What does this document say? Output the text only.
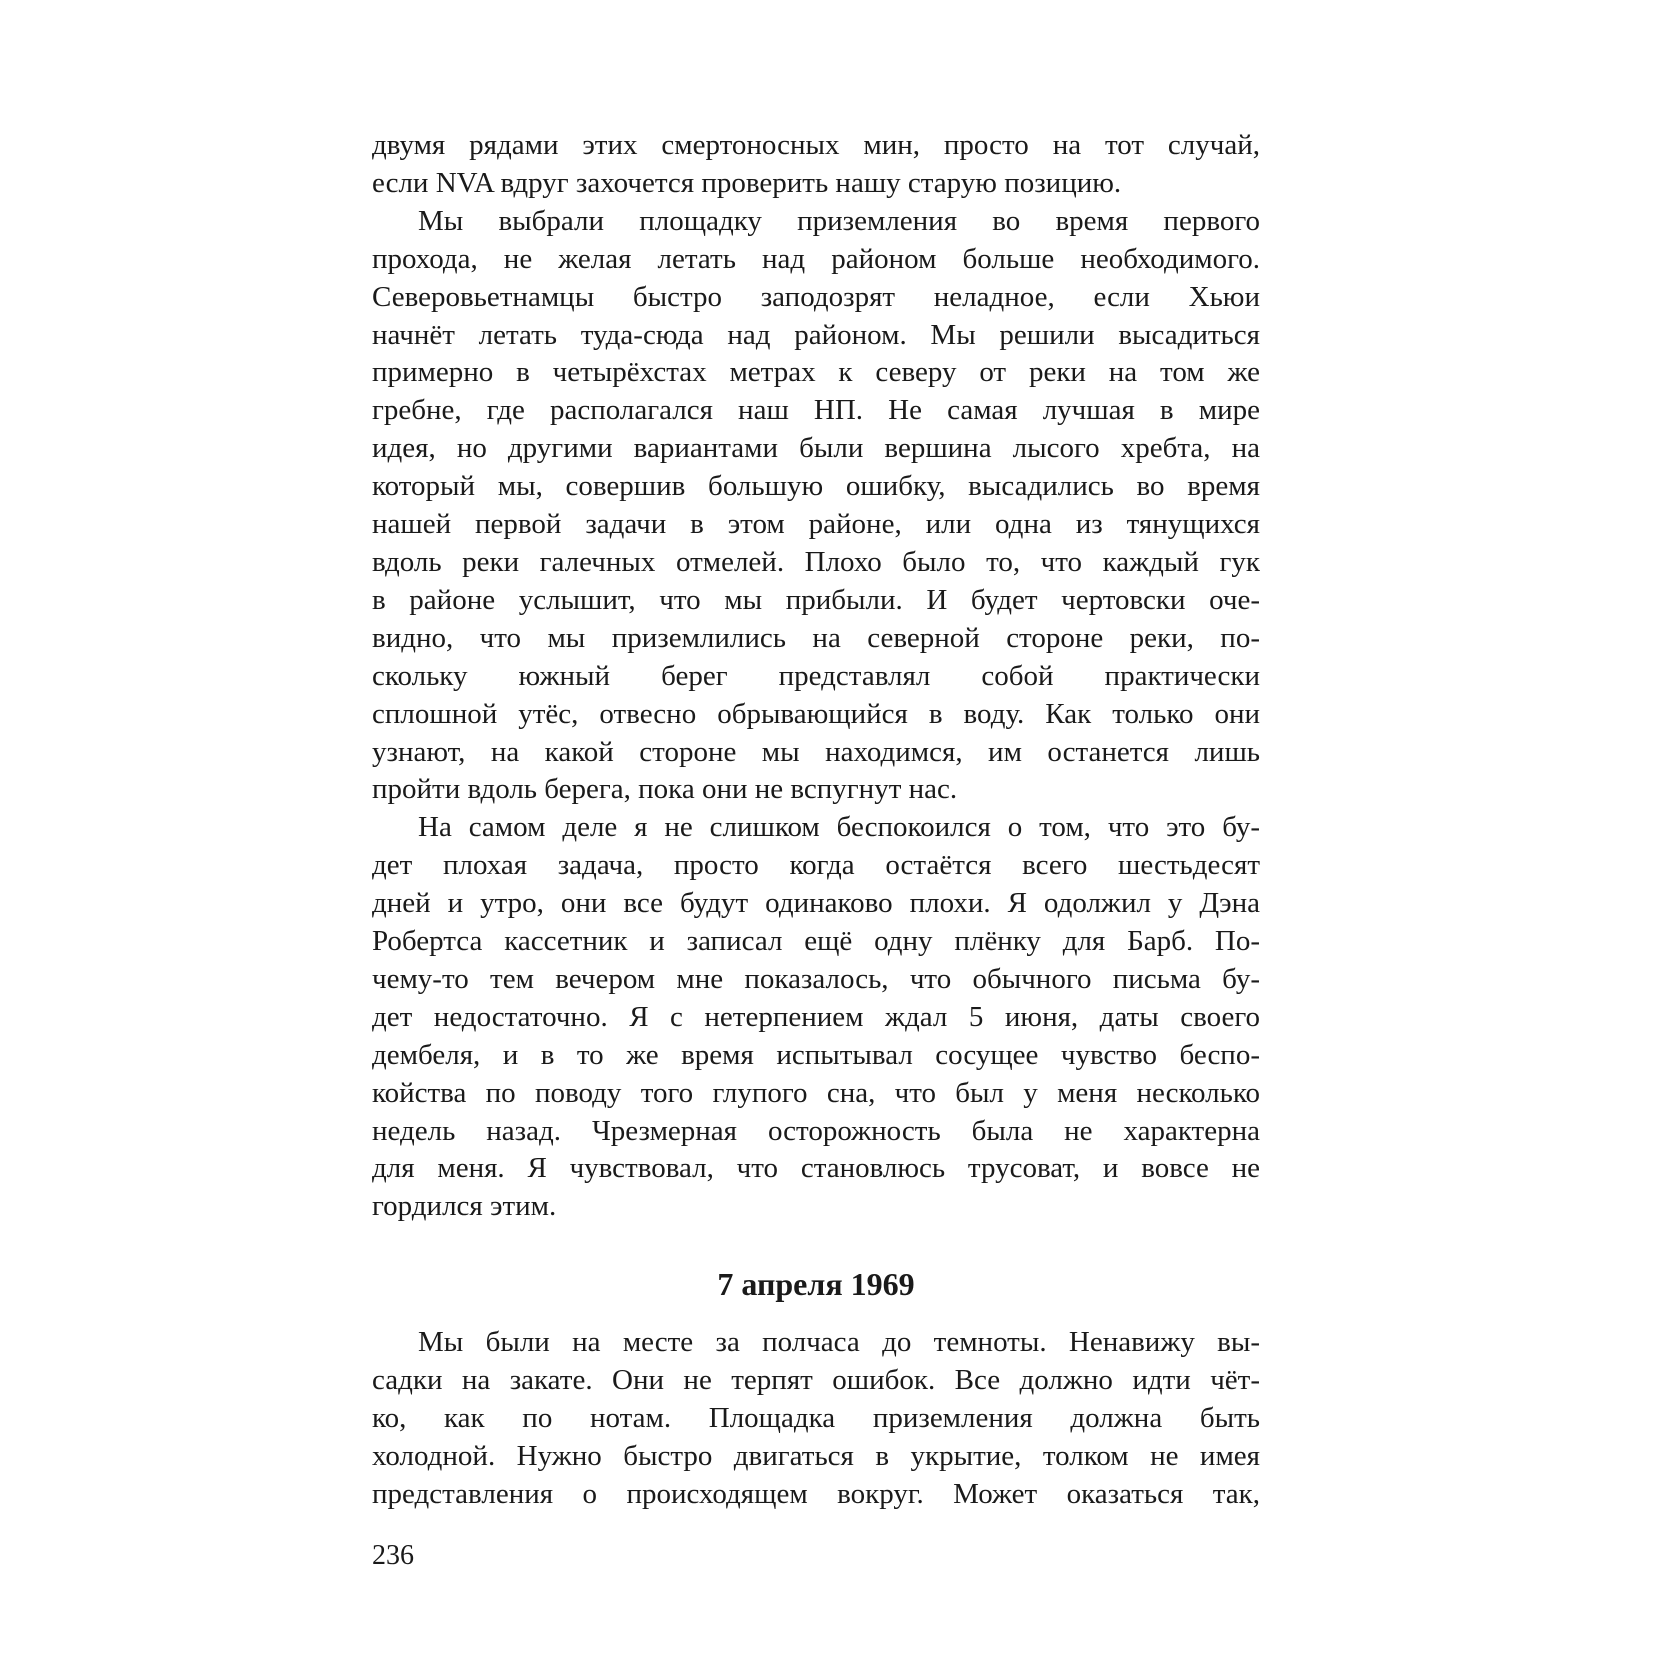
двумя рядами этих смертоносных мин, просто на тот случай,
если NVA вдруг захочется проверить нашу старую позицию.

Мы выбрали площадку приземления во время первого
прохода, не желая летать над районом больше необходимого.
Северовьетнамцы быстро заподозрят неладное, если Хьюи
начнёт летать туда-сюда над районом. Мы решили высадиться
примерно в четырёхстах метрах к северу от реки на том же
гребне, где располагался наш НП. Не самая лучшая в мире
идея, но другими вариантами были вершина лысого хребта, на
который мы, совершив большую ошибку, высадились во время
нашей первой задачи в этом районе, или одна из тянущихся
вдоль реки галечных отмелей. Плохо было то, что каждый гук
в районе услышит, что мы прибыли. И будет чертовски оче-
видно, что мы приземлились на северной стороне реки, по-
скольку южный берег представлял собой практически
сплошной утёс, отвесно обрывающийся в воду. Как только они
узнают, на какой стороне мы находимся, им останется лишь
пройти вдоль берега, пока они не вспугнут нас.

На самом деле я не слишком беспокоился о том, что это бу-
дет плохая задача, просто когда остаётся всего шестьдесят
дней и утро, они все будут одинаково плохи. Я одолжил у Дэна
Робертса кассетник и записал ещё одну плёнку для Барб. По-
чему-то тем вечером мне показалось, что обычного письма бу-
дет недостаточно. Я с нетерпением ждал 5 июня, даты своего
дембеля, и в то же время испытывал сосущее чувство беспо-
койства по поводу того глупого сна, что был у меня несколько
недель назад. Чрезмерная осторожность была не характерна
для меня. Я чувствовал, что становлюсь трусоват, и вовсе не
гордился этим.

7 апреля 1969

Мы были на месте за полчаса до темноты. Ненавижу вы-
садки на закате. Они не терпят ошибок. Все должно идти чёт-
ко, как по нотам. Площадка приземления должна быть
холодной. Нужно быстро двигаться в укрытие, толком не имея
представления о происходящем вокруг. Может оказаться так,

236
